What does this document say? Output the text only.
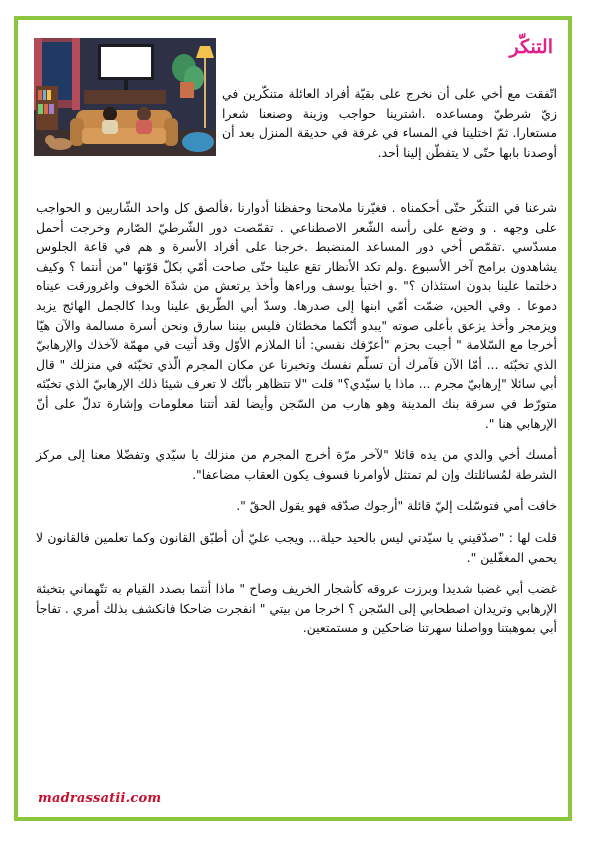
التنكّر

اتّفقت مع أخي على أن نخرج على بقيّة أفراد العائلة متنكّرين في زيّ شرطيّ ومساعده .اشترينا حواجب وزينة وصنعنا شعرا مستعارا. ثمّ اختلينا في المساء في غرفة في حديقة المنزل بعد أن أوصدنا بابها حتّى لا يتفطّن إلينا أحد.

شرعنا في التنكّر حتّى أحكمناه . فغيّرنا ملامحنا وحفظنا أدوارنا ،فألصق كل واحد الشّاربين و الحواجب على وجهه . و وضع على رأسه الشّعر الاصطناعي . تقمّصت دور الشّرطيّ الصّارم وخرجت أحمل مسدّسي .تقمّص أخي دور المساعد المنضبط .خرجنا على أفراد الأسرة و هم في قاعة الجلوس يشاهدون برامج آخر الأسبوع .ولم تكد الأنظار تقع علينا حتّى صاحت أمّي بكلّ قوّتها "من أنتما ؟ وكيف دخلتما علينا بدون استئذان ؟" .و اختبأ يوسف وراءها وأخذ يرتعش من شدّة الخوف واغرورقت عيناه دموعا . وفي الحين، ضمّت أمّي ابنها إلى صدرها. وسدّ أبي الطّريق علينا وبدا كالجمل الهائج يزبد ويزمجر وأخذ يزعق بأعلى صوته "يبدو أنّكما مخطئان فليس بيننا سارق ونحن أسرة مسالمة والآن هيّا أخرجا مع السّلامة " أجبت بحزم "أعرّفك نفسي: أنا الملازم الأوّل وقد أتيت في مهمّة لآخذك والإرهابيّ الذي تخبّئه ... أمّا الآن فآمرك أن تسلّم نفسك وتخبرنا عن مكان المجرم الّذي تخبّئه في منزلك " قال أبي سائلا "إرهابيّ مجرم ... ماذا يا سيّدي؟" قلت "لا تتظاهر بأنّك لا تعرف شيئا ذلك الإرهابيّ الذي تخبّئه متورّط في سرقة بنك المدينة وهو هارب من السّجن وأيضا لقد أتتنا معلومات وإشارة تدلّ على أنّ الإرهابي هنا ".

أمسك أخي والدي من يده قائلا "لآخر مرّة أخرج المجرم من منزلك يا سيّدي وتفضّلا معنا إلى مركز الشرطة لمُسائلتك وإن لم تمتثل لأوامرنا فسوف يكون العقاب مضاعفا".

خافت أمي فتوسّلت إليّ قائلة "أرجوك صدّقه فهو يقول الحقّ ".

قلت لها : "صدّقيني يا سيّدتي ليس بالحيد حيلة... ويجب عليّ أن أطبّق القانون وكما تعلمين فالقانون لا يحمي المغفّلين ".

غضب أبي غضبا شديدا وبرزت عروقه كأشجار الخريف وصاح " ماذا أنتما بصدد القيام به تتّهماني بتخبئة الإرهابي وتريدان اصطحابي إلى السّجن ؟ اخرجا من بيتي " انفجرت ضاحكا فانكشف بذلك أمري . تفاجأ أبي بموهبتنا وواصلنا سهرتنا ضاحكين و مستمتعين.

madrassatii.com
